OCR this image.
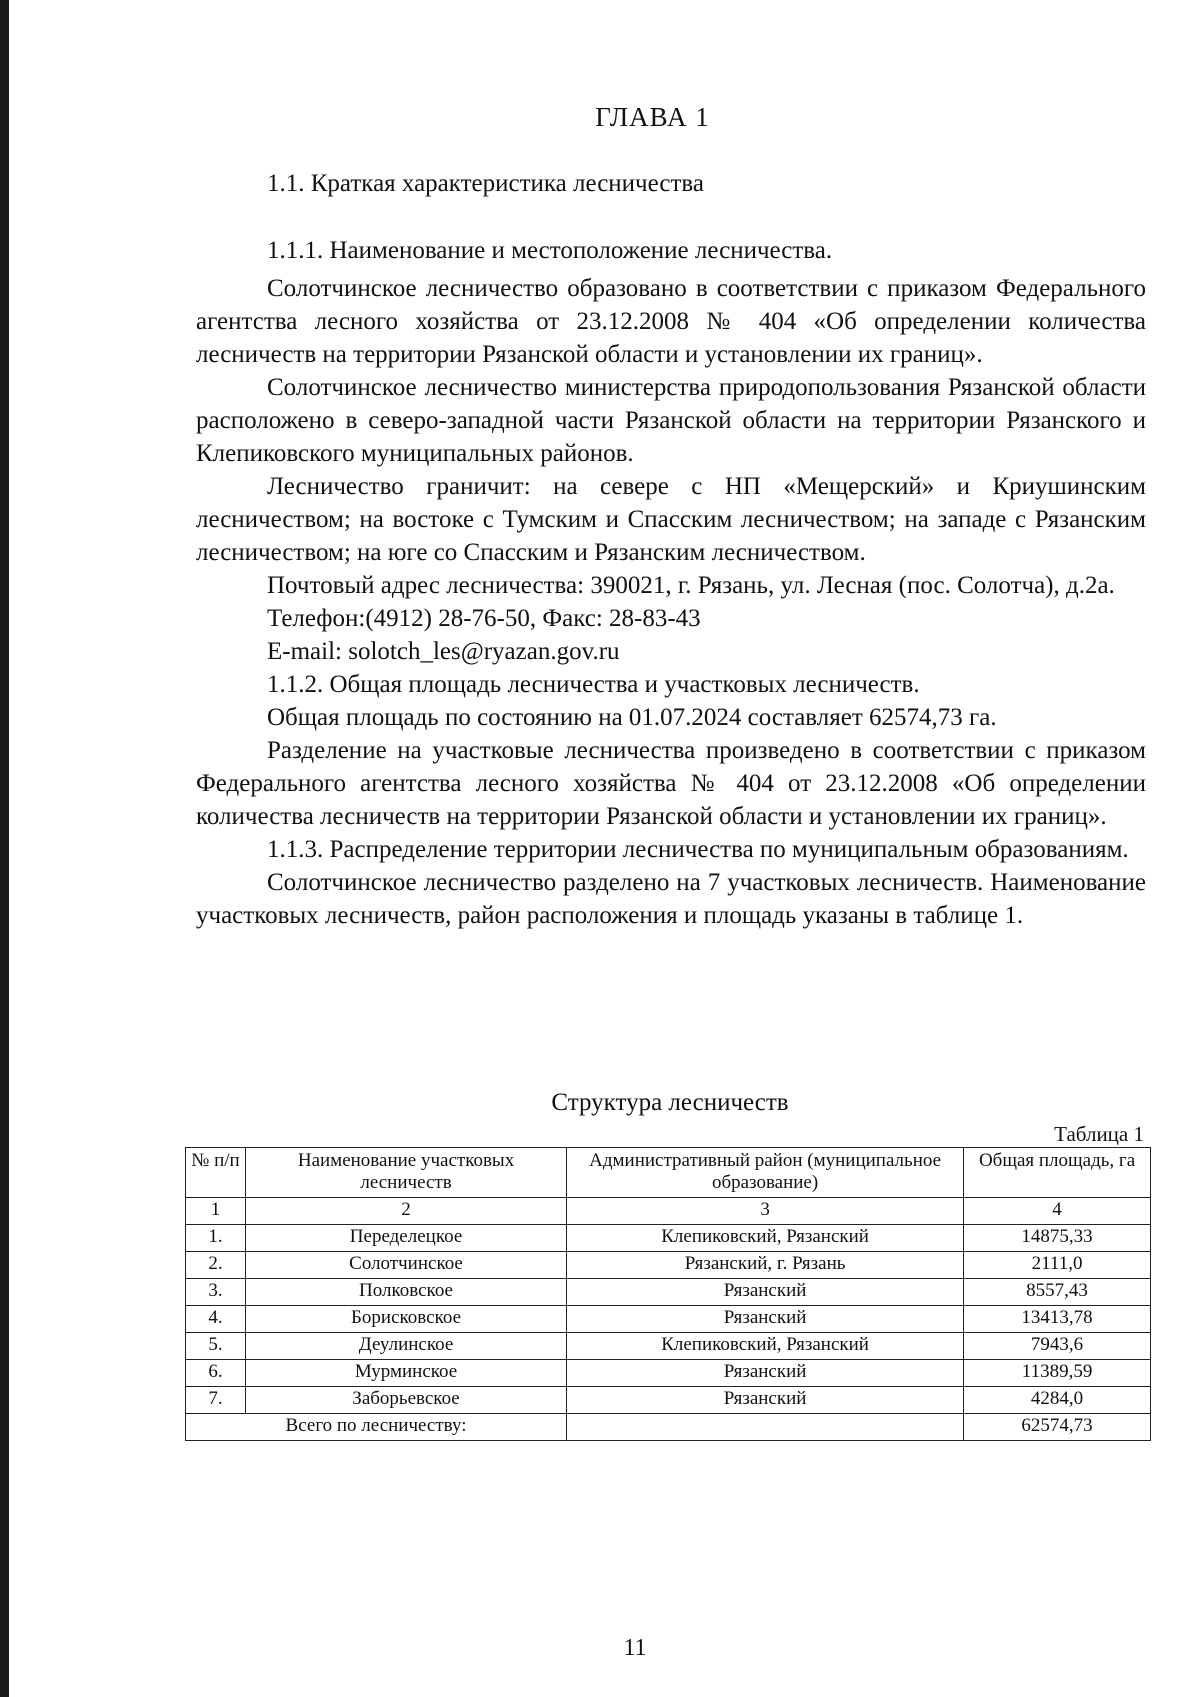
ГЛАВА 1
1.1. Краткая характеристика лесничества
1.1.1. Наименование и местоположение лесничества.

Солотчинское лесничество образовано в соответствии с приказом Федерального агентства лесного хозяйства от 23.12.2008 № 404 «Об определении количества лесничеств на территории Рязанской области и установлении их границ».

Солотчинское лесничество министерства природопользования Рязанской области расположено в северо-западной части Рязанской области на территории Рязанского и Клепиковского муниципальных районов.

Лесничество граничит: на севере с НП «Мещерский» и Криушинским лесничеством; на востоке с Тумским и Спасским лесничеством; на западе с Рязанским лесничеством; на юге со Спасским и Рязанским лесничеством.

Почтовый адрес лесничества: 390021, г. Рязань, ул. Лесная (пос. Солотча), д.2а.

Телефон:(4912) 28-76-50, Факс: 28-83-43

E-mail: solotch_les@ryazan.gov.ru

1.1.2. Общая площадь лесничества и участковых лесничеств.

Общая площадь по состоянию на 01.07.2024 составляет 62574,73 га.

Разделение на участковые лесничества произведено в соответствии с приказом Федерального агентства лесного хозяйства № 404 от 23.12.2008 «Об определении количества лесничеств на территории Рязанской области и установлении их границ».

1.1.3. Распределение территории лесничества по муниципальным образованиям.

Солотчинское лесничество разделено на 7 участковых лесничеств. Наименование участковых лесничеств, район расположения и площадь указаны в таблице 1.

Структура лесничеств
Таблица 1
№ п/п	Наименование участковых лесничеств	Административный район (муниципальное образование)	Общая площадь, га
1	2	3	4
1.	Переделецкое	Клепиковский, Рязанский	14875,33
2.	Солотчинское	Рязанский, г. Рязань	2111,0
3.	Полковское	Рязанский	8557,43
4.	Борисковское	Рязанский	13413,78
5.	Деулинское	Клепиковский, Рязанский	7943,6
6.	Мурминское	Рязанский	11389,59
7.	Заборьевское	Рязанский	4284,0
Всего по лесничеству:			62574,73
11
